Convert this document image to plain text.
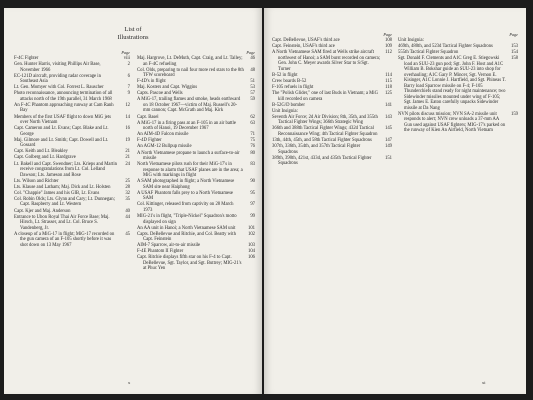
List of
Illustrations
Page
F-4C Fighter	viii
Gen. Hunter Harris, visiting Phillips Air Base, November 1966
2
EC-121D aircraft, providing radar coverage in Southeast Asia
6
Lt. Gen. Momyer with Col. Forrest L. Rauscher	7
Photo reconnaissance, announcing termination of all attacks north of the 19th parallel, 31 March 1968
9
An F-4C Phantom approaching runway at Cam Ranh Bay
12
Members of the first USAF flight to down MiG jets over North Vietnam
14
Capt. Cameron and Lt. Evans; Capt. Blake and Lt. George
16
Maj. Gilmore and Lt. Smith; Capt. Dowell and Lt. Gossard
19
Capt. Keith and Lt. Bleakley	21
Capt. Golberg and Lt. Hardgrave	21
Lt. Bakell and Capt. Swendner; Lts. Krieps and Martin receive congratulations from Lt. Col. Lelland Dawson; Lts. Jameson and Rose
24
Lts. Wilson and Richter	25
Lts. Klause and Latham; Maj. Dick and Lt. Holsten	28
Col. "Chappie" James and his GIB, Lt. Evans	32
Col. Robin Olds; Lts. Glynn and Cary; Lt. Dunnegan; Capt. Raspberry and Lt. Western
35
Capt. Kjer and Maj. Anderson	40
Entrance to Ubon Royal Thai Air Force Base; Maj. Hirsch, Lt. Strasser, and Lt. Col. Bruce S. Vandenberg, Jr.
44
A closeup of a MiG-17 in flight; MiG-17 recorded on the gun camera of an F-105 shortly before it was shot down on 13 May 1967
45
Page
Maj. Hargrove, Lt. DeMuth, Capt. Craig, and Lt. Talley; an F-4C refueling
46
Col. Olds, preparing to nail four more red stars to the 8th TFW scoreboard
48
F-4D's in flight	51
Maj. Kosters and Capt. Wiggins	53
Capts. Pascoe and Wells	57
A MiG-17, trailing flames and smoke, heads earthward on 18 October 1967—victim of Maj. Russell's 20-mm cannon; Capt. McGrath and Maj. Kirk
59
Capt. Basel	62
A MiG-17 in a firing pass at an F-105 in an air battle north of Hanoi, 19 December 1967
63
An AIM-4D Falcon missile	71
F-4D Fighter	75
An AGM-12 Bullpup missile	76
A North Vietnamese propane to launch a surface-to-air missile
80
North Vietnamese pilots rush for their MiG-17's in response to alarm that USAF planes are in the area; a MiG with markings in flight
83
A SAM photographed in flight; a North Vietnamese SAM site near Haiphong
90
A USAF Phantom falls prey to a North Vietnamese SAM
95
Col. Kittinger, released from captivity on 28 March 1973
97
MIG-21's in flight, "Triple-Nickel" Squadron's motto displayed on sign
99
An AA unit in Hanoi; a North Vietnamese SAM unit	101
Capts. DeBellevue and Ritchie, and Col. Beatty with Capt. Feinstein
102
AIM-7 Sparrow, air-to-air missile	103
F-4E Phantom II Fighter	104
Capt. Ritchie displays fifth star on his F-4 to Capt. DeBellevue, Sgt. Taylor, and Sgt. Buttrey; MIG-21's at Phuc Yen
106
x
Page
Capt. DeBellevue, USAF's third ace	108
Capt. Feinstein, USAF's third ace	109
A North Vietnamese SAM fired at Wells strike aircraft northwest of Hanoi; a SAM burst recorded on camera; Gen. John C. Meyer awards Silver Star to S/Sgt. Turner
112
B-52 in flight	114
Crew boards B-52	115
F-105 refuels in flight	118
The "Polish Glider," one of last Buds in Vietnam; a MiG kill recorded on camera
125
B-52G/D bomber	141
Unit Insignia:
Seventh Air Force; 2d Air Division; 8th, 35th, and 355th Tactical Fighter Wings; 366th Strategic Wing
143
366th and 388th Tactical Fighter Wings; 432d Tactical Reconnaissance Wing; 4th Tactical Fighter Squadron
145
13th, 44th, 45th, and 58th Tactical Fighter Squadrons	147
307th, 336th, 354th, and 357th Tactical Fighter Squadrons
149
389th, 390th, 421st, 433d, and 435th Tactical Fighter Squadrons
151
Page
Unit Insignia:
469th, 480th, and 523d Tactical Fighter Squadrons	153
555th Tactical Fighter Squadron	154
Sgt. Donald F. Clements and A1C Greg E. Stiegowski load an SUU-23 gun pod; Sgt. John F. Host and A1C William B. Bokshar guide an SUU-23 into shop for overhauling; A1C Gary P. Mincer, Sgt. Vernon E. Kisinger, A1C Lonnie J. Hartfield, and Sgt. Phineas T. Barry load Sparrow missile on F-4; F-105 Thunderchiefs stand ready for night maintenance; two Sidewinder missiles mounted under wing of F-105; Sgt. James E. Eaton carefully unpacks Sidewinder missile at Da Nang
158
NVN pilots discuss mission; NVN SA-2 missile unit responds to alert; NVN crew unloads a 37-mm AA Gun used against USAF fighters; MIG-17's parked on the runway of Kien An Airfield, North Vietnam
159
xi
